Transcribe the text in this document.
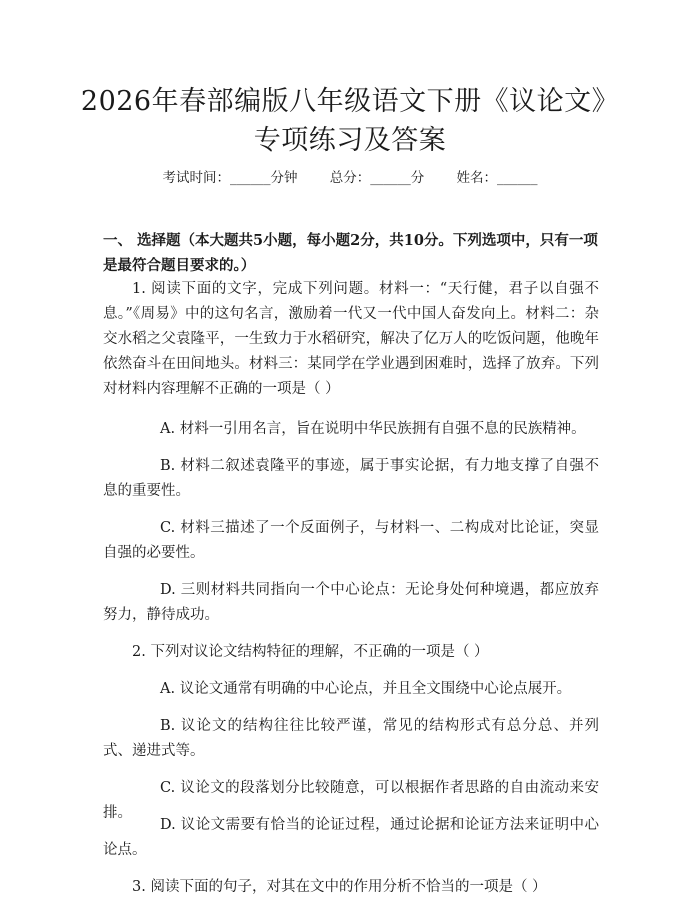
2026年春部编版八年级语文下册《议论文》
专项练习及答案
考试时间：______分钟 总分：______分 姓名：______

一、 选择题（本大题共5小题，每小题2分，共10分。下列选项中，只有一项是最符合题目要求的。）

1. 阅读下面的文字，完成下列问题。材料一：“天行健，君子以自强不息。”《周易》中的这句名言，激励着一代又一代中国人奋发向上。材料二：杂交水稻之父袁隆平，一生致力于水稻研究，解决了亿万人的吃饭问题，他晚年依然奋斗在田间地头。材料三：某同学在学业遇到困难时，选择了放弃。下列对材料内容理解不正确的一项是（ ）

A. 材料一引用名言，旨在说明中华民族拥有自强不息的民族精神。

B. 材料二叙述袁隆平的事迹，属于事实论据，有力地支撑了自强不息的重要性。

C. 材料三描述了一个反面例子，与材料一、二构成对比论证，突显自强的必要性。

D. 三则材料共同指向一个中心论点：无论身处何种境遇，都应放弃努力，静待成功。

2. 下列对议论文结构特征的理解，不正确的一项是（ ）

A. 议论文通常有明确的中心论点，并且全文围绕中心论点展开。

B. 议论文的结构往往比较严谨，常见的结构形式有总分总、并列式、递进式等。

C. 议论文的段落划分比较随意，可以根据作者思路的自由流动来安排。

D. 议论文需要有恰当的论证过程，通过论据和论证方法来证明中心论点。

3. 阅读下面的句子，对其在文中的作用分析不恰当的一项是（ ）
